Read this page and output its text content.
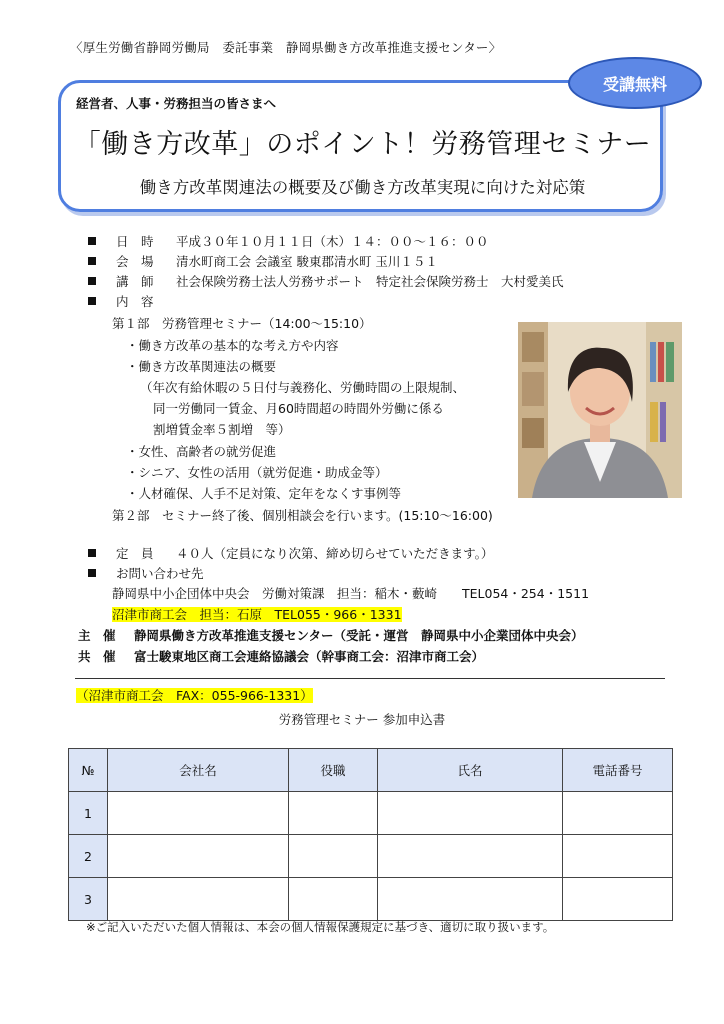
〈厚生労働省静岡労働局　委託事業　静岡県働き方改革推進支援センター〉
経営者、人事・労務担当の皆さまへ
「働き方改革」のポイント！労務管理セミナー
働き方改革関連法の概要及び働き方改革実現に向けた対応策
受講無料
日　時 平成３０年１０月１１日（木）１４：００～１６：００
会　場 清水町商工会 会議室 駿東郡清水町 玉川１５１
講　師 社会保険労務士法人労務サポート　特定社会保険労務士　大村愛美氏
内　容
第１部　労務管理セミナー（14:00～15:10）
・働き方改革の基本的な考え方や内容
・働き方改革関連法の概要
（年次有給休暇の５日付与義務化、労働時間の上限規制、
同一労働同一賃金、月60時間超の時間外労働に係る
割増賃金率５割増　等）
・女性、高齢者の就労促進
・シニア、女性の活用（就労促進・助成金等）
・人材確保、人手不足対策、定年をなくす事例等
第２部　セミナー終了後、個別相談会を行います。(15:10～16:00)
定　員 ４０人（定員になり次第、締め切らせていただきます。）
お問い合わせ先
静岡県中小企団体中央会　労働対策課　担当：稲木・藪崎　　TEL054・254・1511
沼津市商工会　担当：石原　TEL055・966・1331
主　催 静岡県働き方改革推進支援センター（受託・運営　静岡県中小企業団体中央会）
共　催 富士駿東地区商工会連絡協議会（幹事商工会：沼津市商工会）
（沼津市商工会　FAX：055-966-1331）
労務管理セミナー 参加申込書
№	会社名	役職	氏名	電話番号
1				
2				
3				
※ご記入いただいた個人情報は、本会の個人情報保護規定に基づき、適切に取り扱います。
